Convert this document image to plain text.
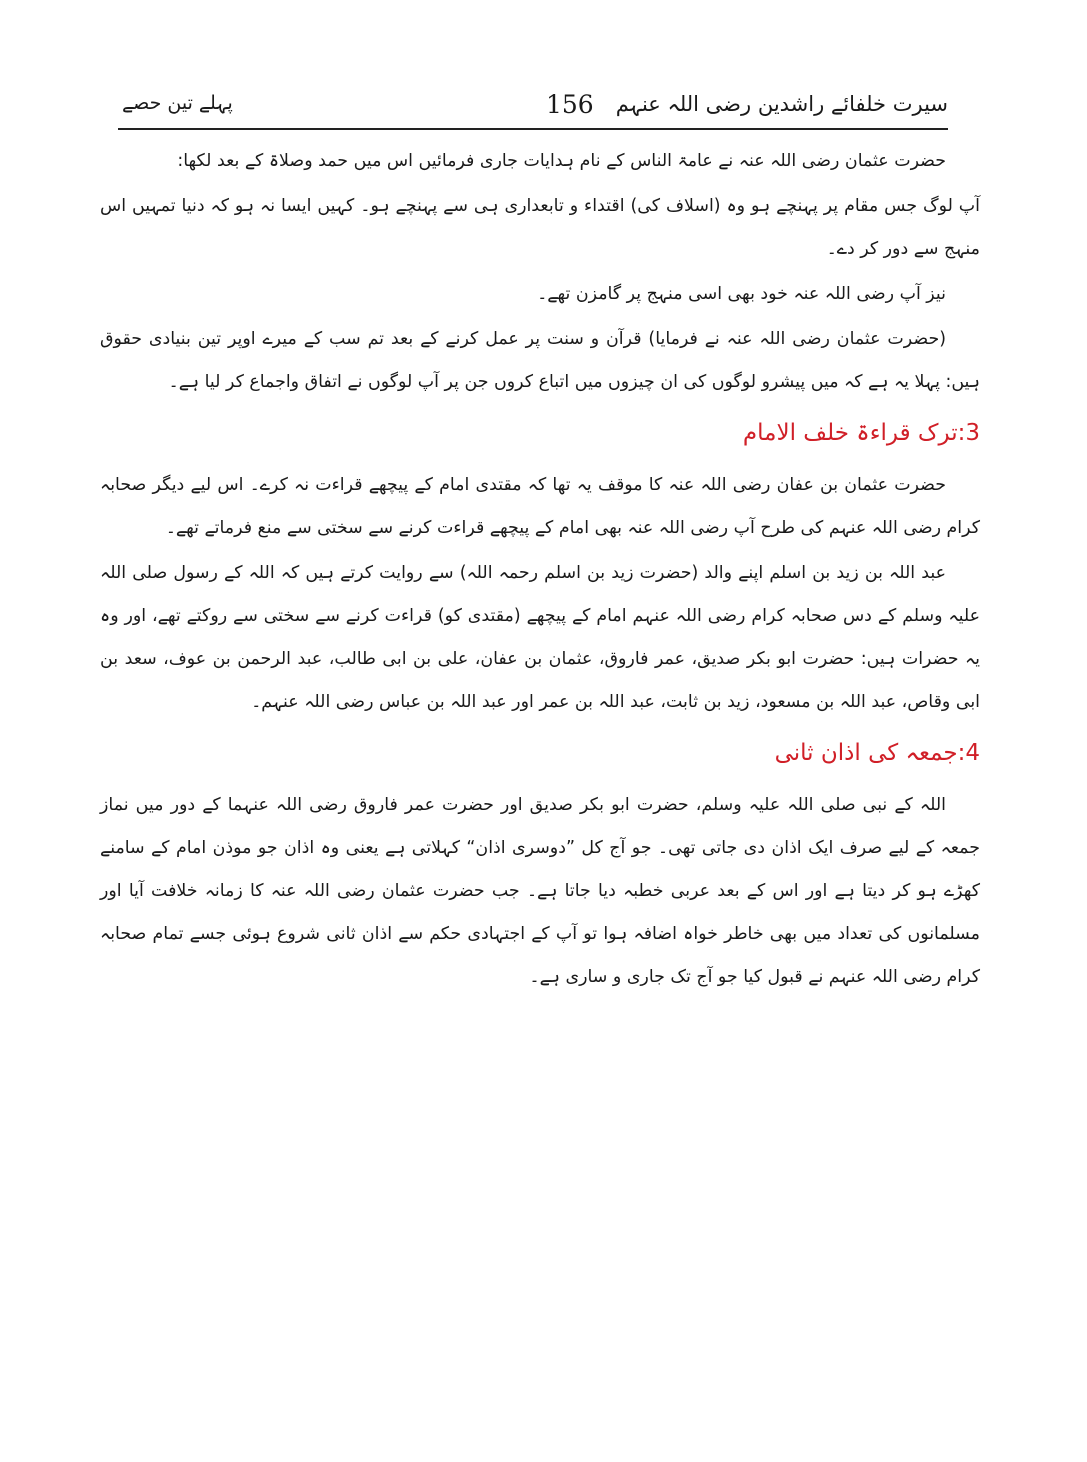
سیرت خلفائے راشدین رضی اللہ عنہم
156
پہلے تین حصے

حضرت عثمان رضی اللہ عنہ نے عامۃ الناس کے نام ہدایات جاری فرمائیں اس میں حمد وصلاۃ کے بعد لکھا:

آپ لوگ جس مقام پر پہنچے ہو وہ (اسلاف کی) اقتداء و تابعداری ہی سے پہنچے ہو۔ کہیں ایسا نہ ہو کہ دنیا تمہیں اس منہج سے دور کر دے۔

نیز آپ رضی اللہ عنہ خود بھی اسی منہج پر گامزن تھے۔

(حضرت عثمان رضی اللہ عنہ نے فرمایا) قرآن و سنت پر عمل کرنے کے بعد تم سب کے میرے اوپر تین بنیادی حقوق ہیں: پہلا یہ ہے کہ میں پیشرو لوگوں کی ان چیزوں میں اتباع کروں جن پر آپ لوگوں نے اتفاق واجماع کر لیا ہے۔

3:ترک قراءۃ خلف الامام

حضرت عثمان بن عفان رضی اللہ عنہ کا موقف یہ تھا کہ مقتدی امام کے پیچھے قراءت نہ کرے۔ اس لیے دیگر صحابہ کرام رضی اللہ عنہم کی طرح آپ رضی اللہ عنہ بھی امام کے پیچھے قراءت کرنے سے سختی سے منع فرماتے تھے۔

عبد اللہ بن زید بن اسلم اپنے والد (حضرت زید بن اسلم رحمہ اللہ) سے روایت کرتے ہیں کہ اللہ کے رسول صلی اللہ علیہ وسلم کے دس صحابہ کرام رضی اللہ عنہم امام کے پیچھے (مقتدی کو) قراءت کرنے سے سختی سے روکتے تھے، اور وہ یہ حضرات ہیں: حضرت ابو بکر صدیق، عمر فاروق، عثمان بن عفان، علی بن ابی طالب، عبد الرحمن بن عوف، سعد بن ابی وقاص، عبد اللہ بن مسعود، زید بن ثابت، عبد اللہ بن عمر اور عبد اللہ بن عباس رضی اللہ عنہم۔

4:جمعہ کی اذان ثانی

اللہ کے نبی صلی اللہ علیہ وسلم، حضرت ابو بکر صدیق اور حضرت عمر فاروق رضی اللہ عنہما کے دور میں نماز جمعہ کے لیے صرف ایک اذان دی جاتی تھی۔ جو آج کل ”دوسری اذان“ کہلاتی ہے یعنی وہ اذان جو موذن امام کے سامنے کھڑے ہو کر دیتا ہے اور اس کے بعد عربی خطبہ دیا جاتا ہے۔ جب حضرت عثمان رضی اللہ عنہ کا زمانہ خلافت آیا اور مسلمانوں کی تعداد میں بھی خاطر خواہ اضافہ ہوا تو آپ کے اجتہادی حکم سے اذان ثانی شروع ہوئی جسے تمام صحابہ کرام رضی اللہ عنہم نے قبول کیا جو آج تک جاری و ساری ہے۔
